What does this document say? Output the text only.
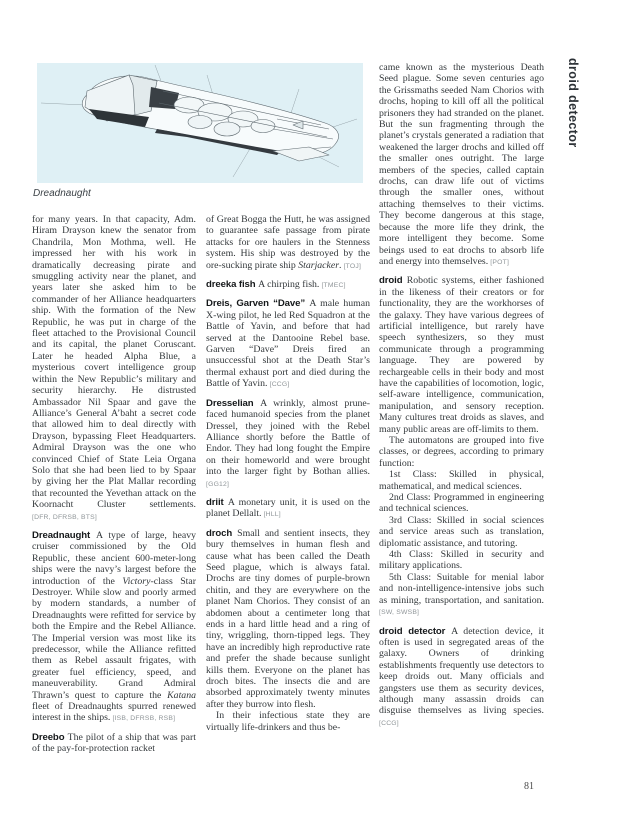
Dreadnaught

for many years. In that capacity, Adm. Hiram Drayson knew the senator from Chandrila, Mon Mothma, well. He impressed her with his work in dramatically decreasing pirate and smuggling activity near the planet, and years later she asked him to be commander of her Alliance headquarters ship. With the formation of the New Republic, he was put in charge of the fleet attached to the Provisional Council and its capital, the planet Coruscant. Later he headed Alpha Blue, a mysterious covert intelligence group within the New Republic’s military and security hierarchy. He distrusted Ambassador Nil Spaar and gave the Alliance’s General A’baht a secret code that allowed him to deal directly with Drayson, bypassing Fleet Headquarters. Admiral Drayson was the one who convinced Chief of State Leia Organa Solo that she had been lied to by Spaar by giving her the Plat Mallar recording that recounted the Yevethan attack on the Koornacht Cluster settlements. [DFR, DFRSB, BTS]

Dreadnaught A type of large, heavy cruiser commissioned by the Old Republic, these ancient 600-meter-long ships were the navy’s largest before the introduction of the Victory-class Star Destroyer. While slow and poorly armed by modern standards, a number of Dreadnaughts were refitted for service by both the Empire and the Rebel Alliance. The Imperial version was most like its predecessor, while the Alliance refitted them as Rebel assault frigates, with greater fuel efficiency, speed, and maneuverability. Grand Admiral Thrawn’s quest to capture the Katana fleet of Dreadnaughts spurred renewed interest in the ships. [ISB, DFRSB, RSB]

Dreebo The pilot of a ship that was part of the pay-for-protection racket

of Great Bogga the Hutt, he was assigned to guarantee safe passage from pirate attacks for ore haulers in the Stenness system. His ship was destroyed by the ore-sucking pirate ship Starjacker. [TOJ]

dreeka fish A chirping fish. [TMEC]

Dreis, Garven “Dave” A male human X-wing pilot, he led Red Squadron at the Battle of Yavin, and before that had served at the Dantooine Rebel base. Garven “Dave” Dreis fired an unsuccessful shot at the Death Star’s thermal exhaust port and died during the Battle of Yavin. [CCG]

Dresselian A wrinkly, almost prune-faced humanoid species from the planet Dressel, they joined with the Rebel Alliance shortly before the Battle of Endor. They had long fought the Empire on their homeworld and were brought into the larger fight by Bothan allies. [GG12]

driit A monetary unit, it is used on the planet Dellalt. [HLL]

droch Small and sentient insects, they bury themselves in human flesh and cause what has been called the Death Seed plague, which is always fatal. Drochs are tiny domes of purple-brown chitin, and they are everywhere on the planet Nam Chorios. They consist of an abdomen about a centimeter long that ends in a hard little head and a ring of tiny, wriggling, thorn-tipped legs. They have an incredibly high reproductive rate and prefer the shade because sunlight kills them. Everyone on the planet has droch bites. The insects die and are absorbed approximately twenty minutes after they burrow into flesh.

In their infectious state they are virtually life-drinkers and thus be-

came known as the mysterious Death Seed plague. Some seven centuries ago the Grissmaths seeded Nam Chorios with drochs, hoping to kill off all the political prisoners they had stranded on the planet. But the sun fragmenting through the planet’s crystals generated a radiation that weakened the larger drochs and killed off the smaller ones outright. The large members of the species, called captain drochs, can draw life out of victims through the smaller ones, without attaching themselves to their victims. They become dangerous at this stage, because the more life they drink, the more intelligent they become. Some beings used to eat drochs to absorb life and energy into themselves. [POT]

droid Robotic systems, either fashioned in the likeness of their creators or for functionality, they are the workhorses of the galaxy. They have various degrees of artificial intelligence, but rarely have speech synthesizers, so they must communicate through a programming language. They are powered by rechargeable cells in their body and most have the capabilities of locomotion, logic, self-aware intelligence, communication, manipulation, and sensory reception. Many cultures treat droids as slaves, and many public areas are off-limits to them.

The automatons are grouped into five classes, or degrees, according to primary function:

1st Class: Skilled in physical, mathematical, and medical sciences.

2nd Class: Programmed in engineering and technical sciences.

3rd Class: Skilled in social sciences and service areas such as translation, diplomatic assistance, and tutoring.

4th Class: Skilled in security and military applications.

5th Class: Suitable for menial labor and non-intelligence-intensive jobs such as mining, transportation, and sanitation. [SW, SWSB]

droid detector A detection device, it often is used in segregated areas of the galaxy. Owners of drinking establishments frequently use detectors to keep droids out. Many officials and gangsters use them as security devices, although many assassin droids can disguise themselves as living species. [CCG]

droid detector
81
